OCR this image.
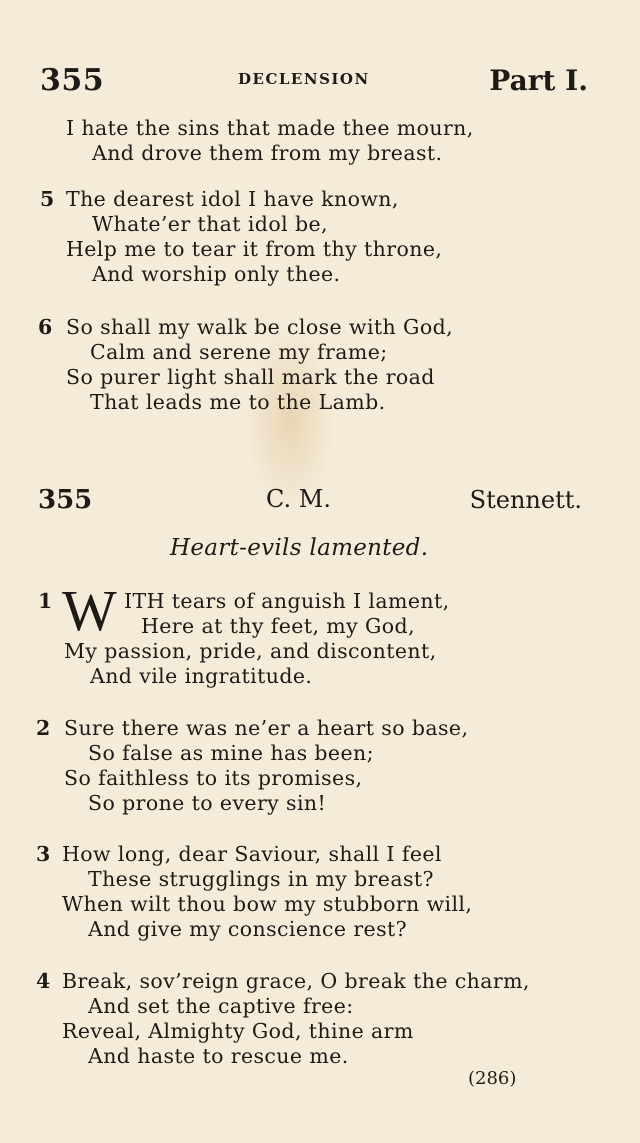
355	DECLENSION	Part I.
I hate the sins that made thee mourn,
And drove them from my breast.
5 The dearest idol I have known,
Whate’er that idol be,
Help me to tear it from thy throne,
And worship only thee.
6 So shall my walk be close with God,
Calm and serene my frame;
So purer light shall mark the road
That leads me to the Lamb.
355	C. M.	Stennett.
Heart-evils lamented.
1 W ITH tears of anguish I lament,
Here at thy feet, my God,
My passion, pride, and discontent,
And vile ingratitude.
2 Sure there was ne’er a heart so base,
So false as mine has been;
So faithless to its promises,
So prone to every sin!
3 How long, dear Saviour, shall I feel
These strugglings in my breast?
When wilt thou bow my stubborn will,
And give my conscience rest?
4 Break, sov’reign grace, O break the charm,
And set the captive free:
Reveal, Almighty God, thine arm
And haste to rescue me.
(286)
